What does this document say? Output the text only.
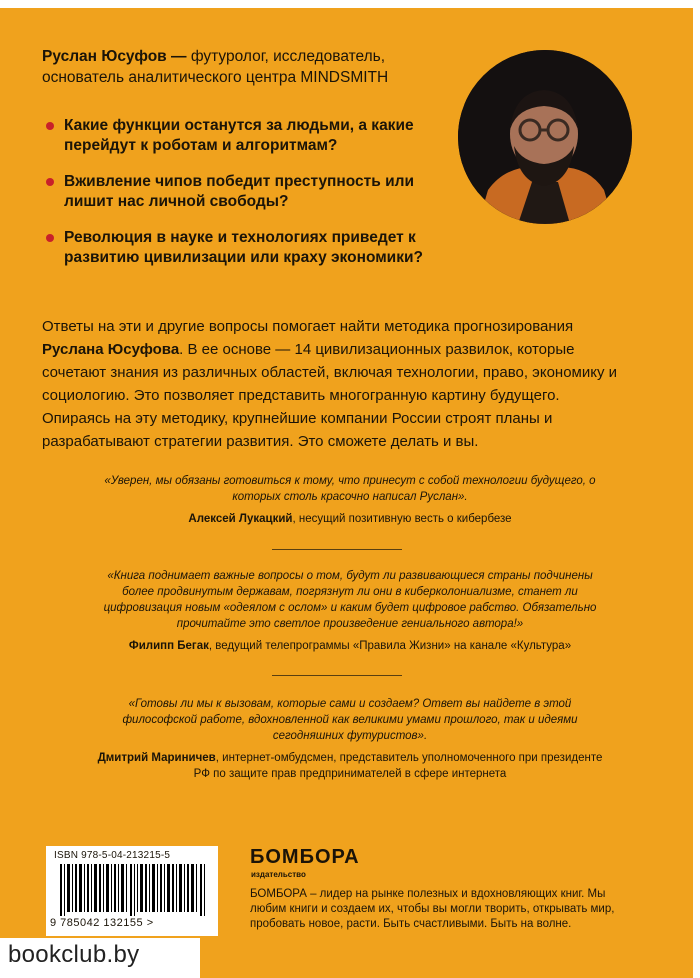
Руслан Юсуфов — футуролог, исследователь, основатель аналитического центра MINDSMITH
Какие функции останутся за людьми, а какие перейдут к роботам и алгоритмам?
Вживление чипов победит преступность или лишит нас личной свободы?
Революция в науке и технологиях приведет к развитию цивилизации или краху экономики?
Ответы на эти и другие вопросы помогает найти методика прогнозирования Руслана Юсуфова. В ее основе — 14 цивилизационных развилок, которые сочетают знания из различных областей, включая технологии, право, экономику и социологию. Это позволяет представить многогранную картину будущего. Опираясь на эту методику, крупнейшие компании России строят планы и разрабатывают стратегии развития. Это сможете делать и вы.
«Уверен, мы обязаны готовиться к тому, что принесут с собой технологии будущего, о которых столь красочно написал Руслан».
Алексей Лукацкий, несущий позитивную весть о кибербезе
«Книга поднимает важные вопросы о том, будут ли развивающиеся страны подчинены более продвинутым державам, погрязнут ли они в киберколониализме, станет ли цифровизация новым «одеялом с ослом» и каким будет цифровое рабство. Обязательно прочитайте это светлое произведение гениального автора!»
Филипп Бегак, ведущий телепрограммы «Правила Жизни» на канале «Культура»
«Готовы ли мы к вызовам, которые сами и создаем? Ответ вы найдете в этой философской работе, вдохновленной как великими умами прошлого, так и идеями сегодняшних футуристов».
Дмитрий Мариничев, интернет-омбудсмен, представитель уполномоченного при президенте РФ по защите прав предпринимателей в сфере интернета
ISBN 978-5-04-213215-5
9 785042 132155 >
БОМБОРА
издательство
БОМБОРА – лидер на рынке полезных и вдохновляющих книг. Мы любим книги и создаем их, чтобы вы могли творить, открывать мир, пробовать новое, расти. Быть счастливыми. Быть на волне.
bookclub.by
